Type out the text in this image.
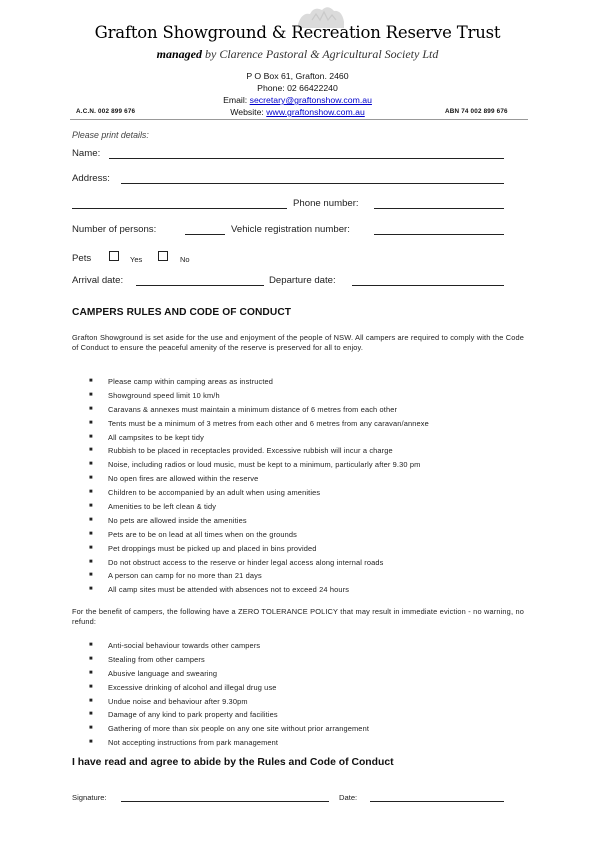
Grafton Showground & Recreation Reserve Trust
managed by Clarence Pastoral & Agricultural Society Ltd
P O Box 61, Grafton. 2460
Phone: 02 66422240
Email: secretary@graftonshow.com.au
Website: www.graftonshow.com.au
A.C.N. 002 899 676	ABN 74 002 899 676
Please print details:
Name:
Address:
Phone number:
Number of persons:	Vehicle registration number:
Pets	Yes	No
Arrival date:	Departure date:
CAMPERS RULES AND CODE OF CONDUCT
Grafton Showground is set aside for the use and enjoyment of the people of NSW. All campers are required to comply with the Code of Conduct to ensure the peaceful amenity of the reserve is preserved for all to enjoy.
■ Please camp within camping areas as instructed
■ Showground speed limit 10 km/h
■ Caravans & annexes must maintain a minimum distance of 6 metres from each other
■ Tents must be a minimum of 3 metres from each other and 6 metres from any caravan/annexe
■ All campsites to be kept tidy
■ Rubbish to be placed in receptacles provided. Excessive rubbish will incur a charge
■ Noise, including radios or loud music, must be kept to a minimum, particularly after 9.30 pm
■ No open fires are allowed within the reserve
■ Children to be accompanied by an adult when using amenities
■ Amenities to be left clean & tidy
■ No pets are allowed inside the amenities
■ Pets are to be on lead at all times when on the grounds
■ Pet droppings must be picked up and placed in bins provided
■ Do not obstruct access to the reserve or hinder legal access along internal roads
■ A person can camp for no more than 21 days
■ All camp sites must be attended with absences not to exceed 24 hours
For the benefit of campers, the following have a ZERO TOLERANCE POLICY that may result in immediate eviction - no warning, no refund:
■ Anti-social behaviour towards other campers
■ Stealing from other campers
■ Abusive language and swearing
■ Excessive drinking of alcohol and illegal drug use
■ Undue noise and behaviour after 9.30pm
■ Damage of any kind to park property and facilities
■ Gathering of more than six people on any one site without prior arrangement
■ Not accepting instructions from park management
I have read and agree to abide by the Rules and Code of Conduct
Signature:	Date:
